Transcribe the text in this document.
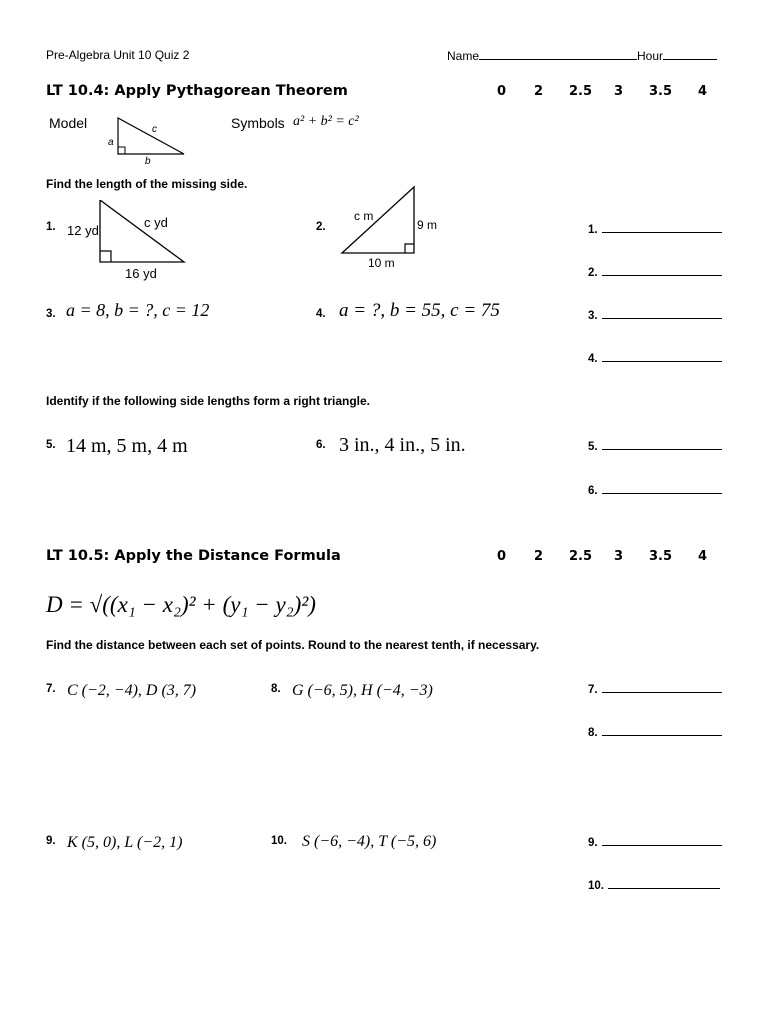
Pre-Algebra Unit 10 Quiz 2	Name	Hour
LT 10.4: Apply Pythagorean Theorem	0 2 2.5 3 3.5 4
Model
a
c
b
Symbols a² + b² = c²
Find the length of the missing side.
1. 12 yd
c yd
16 yd
2.
c m
9 m
10 m
3. a = 8, b = ?, c = 12	4. a = ?, b = 55, c = 75
Identify if the following side lengths form a right triangle.
5. 14 m, 5 m, 4 m	6. 3 in., 4 in., 5 in.
1.
2.
3.
4.
5.
6.
LT 10.5: Apply the Distance Formula	0 2 2.5 3 3.5 4
D = √((x₁ − x₂)² + (y₁ − y₂)²)
Find the distance between each set of points. Round to the nearest tenth, if necessary.
7. C (−2, −4), D (3, 7)	8. G (−6, 5), H (−4, −3)
9. K (5, 0), L (−2, 1)	10. S (−6, −4), T (−5, 6)
7.
8.
9.
10.
